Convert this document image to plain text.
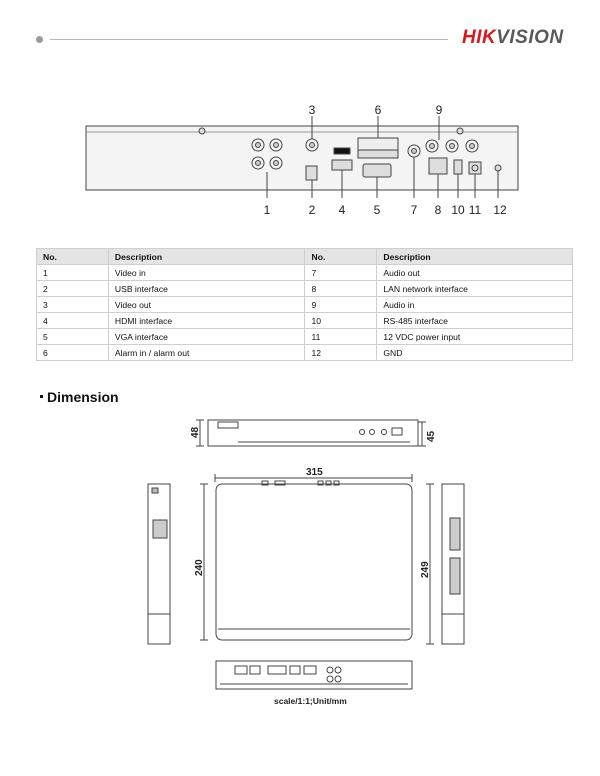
HIKVISION
1	2
3
4 5
6
7 8
9
10 11 12
No.	Description	No.	Description
1	Video in	7	Audio out
2	USB interface	8	LAN network interface
3	Video out	9	Audio in
4	HDMI interface	10	RS-485 interface
5	VGA interface	11	12 VDC power input
6	Alarm in / alarm out	12	GND
Dimension
48	45
315
240	249
scale/1:1;Unit/mm
